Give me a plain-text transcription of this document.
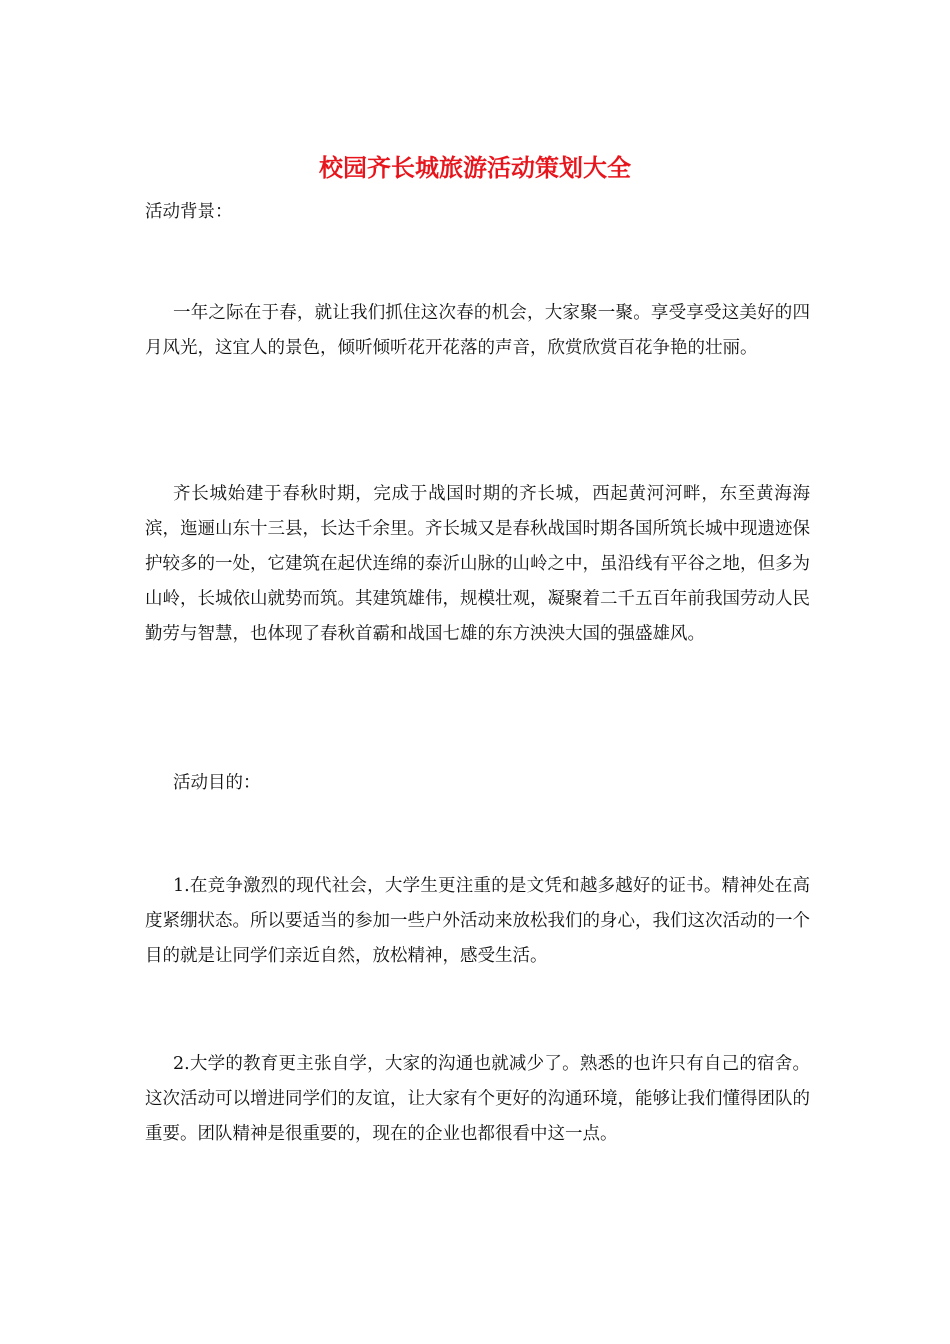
校园齐长城旅游活动策划大全

活动背景：

一年之际在于春，就让我们抓住这次春的机会，大家聚一聚。享受享受这美好的四月风光，这宜人的景色，倾听倾听花开花落的声音，欣赏欣赏百花争艳的壮丽。

齐长城始建于春秋时期，完成于战国时期的齐长城，西起黄河河畔，东至黄海海滨，迤逦山东十三县，长达千余里。齐长城又是春秋战国时期各国所筑长城中现遗迹保护较多的一处，它建筑在起伏连绵的泰沂山脉的山岭之中，虽沿线有平谷之地，但多为山岭，长城依山就势而筑。其建筑雄伟，规模壮观，凝聚着二千五百年前我国劳动人民勤劳与智慧，也体现了春秋首霸和战国七雄的东方泱泱大国的强盛雄风。

活动目的：

1.在竞争激烈的现代社会，大学生更注重的是文凭和越多越好的证书。精神处在高度紧绷状态。所以要适当的参加一些户外活动来放松我们的身心，我们这次活动的一个目的就是让同学们亲近自然，放松精神，感受生活。

2.大学的教育更主张自学，大家的沟通也就减少了。熟悉的也许只有自己的宿舍。这次活动可以增进同学们的友谊，让大家有个更好的沟通环境，能够让我们懂得团队的重要。团队精神是很重要的，现在的企业也都很看中这一点。
